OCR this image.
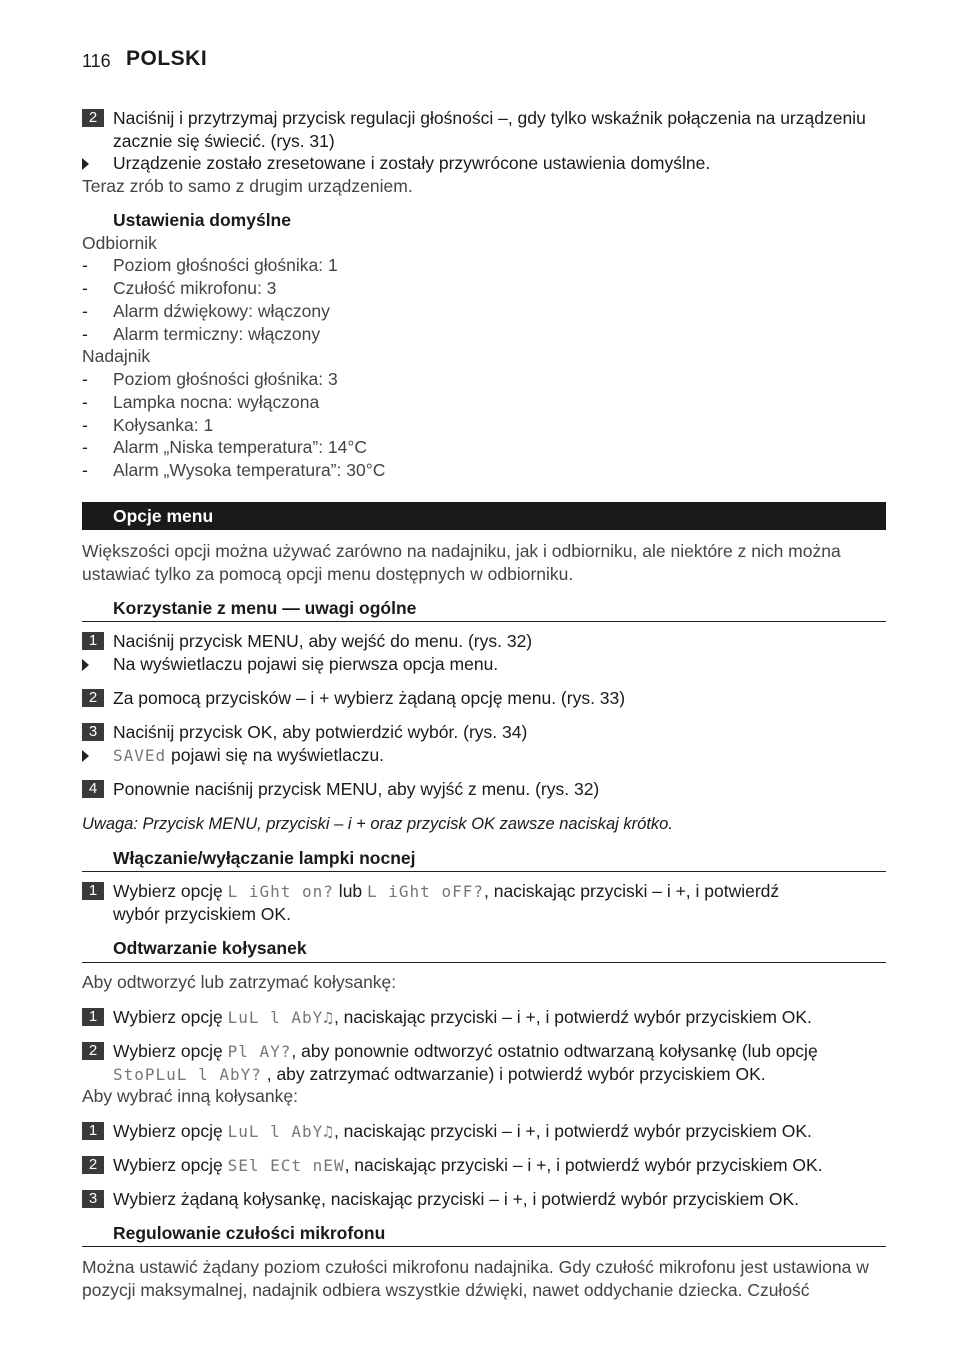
116 POLSKI
2 Naciśnij i przytrzymaj przycisk regulacji głośności –, gdy tylko wskaźnik połączenia na urządzeniu zacznie się świecić. (rys. 31)
Urządzenie zostało zresetowane i zostały przywrócone ustawienia domyślne.
Teraz zrób to samo z drugim urządzeniem.
Ustawienia domyślne
Odbiornik
- Poziom głośności głośnika: 1
- Czułość mikrofonu: 3
- Alarm dźwiękowy: włączony
- Alarm termiczny: włączony
Nadajnik
- Poziom głośności głośnika: 3
- Lampka nocna: wyłączona
- Kołysanka: 1
- Alarm „Niska temperatura”: 14°C
- Alarm „Wysoka temperatura”: 30°C
Opcje menu
Większości opcji można używać zarówno na nadajniku, jak i odbiorniku, ale niektóre z nich można ustawiać tylko za pomocą opcji menu dostępnych w odbiorniku.
Korzystanie z menu — uwagi ogólne
1 Naciśnij przycisk MENU, aby wejść do menu. (rys. 32)
Na wyświetlaczu pojawi się pierwsza opcja menu.
2 Za pomocą przycisków – i + wybierz żądaną opcję menu. (rys. 33)
3 Naciśnij przycisk OK, aby potwierdzić wybór. (rys. 34)
SAVEd pojawi się na wyświetlaczu.
4 Ponownie naciśnij przycisk MENU, aby wyjść z menu. (rys. 32)
Uwaga: Przycisk MENU, przyciski – i + oraz przycisk OK zawsze naciskaj krótko.
Włączanie/wyłączanie lampki nocnej
1 Wybierz opcję L iGht on? lub L iGht oFF?, naciskając przyciski – i +, i potwierdź
wybór przyciskiem OK.
Odtwarzanie kołysanek
Aby odtworzyć lub zatrzymać kołysankę:
1 Wybierz opcję LuL l AbY♫, naciskając przyciski – i +, i potwierdź wybór przyciskiem OK.
2 Wybierz opcję Pl AY?, aby ponownie odtworzyć ostatnio odtwarzaną kołysankę (lub opcję
StoPLuL l AbY? , aby zatrzymać odtwarzanie) i potwierdź wybór przyciskiem OK.
Aby wybrać inną kołysankę:
1 Wybierz opcję LuL l AbY♫, naciskając przyciski – i +, i potwierdź wybór przyciskiem OK.
2 Wybierz opcję SEl ECt nEW, naciskając przyciski – i +, i potwierdź wybór przyciskiem OK.
3 Wybierz żądaną kołysankę, naciskając przyciski – i +, i potwierdź wybór przyciskiem OK.
Regulowanie czułości mikrofonu
Można ustawić żądany poziom czułości mikrofonu nadajnika. Gdy czułość mikrofonu jest ustawiona w pozycji maksymalnej, nadajnik odbiera wszystkie dźwięki, nawet oddychanie dziecka. Czułość
